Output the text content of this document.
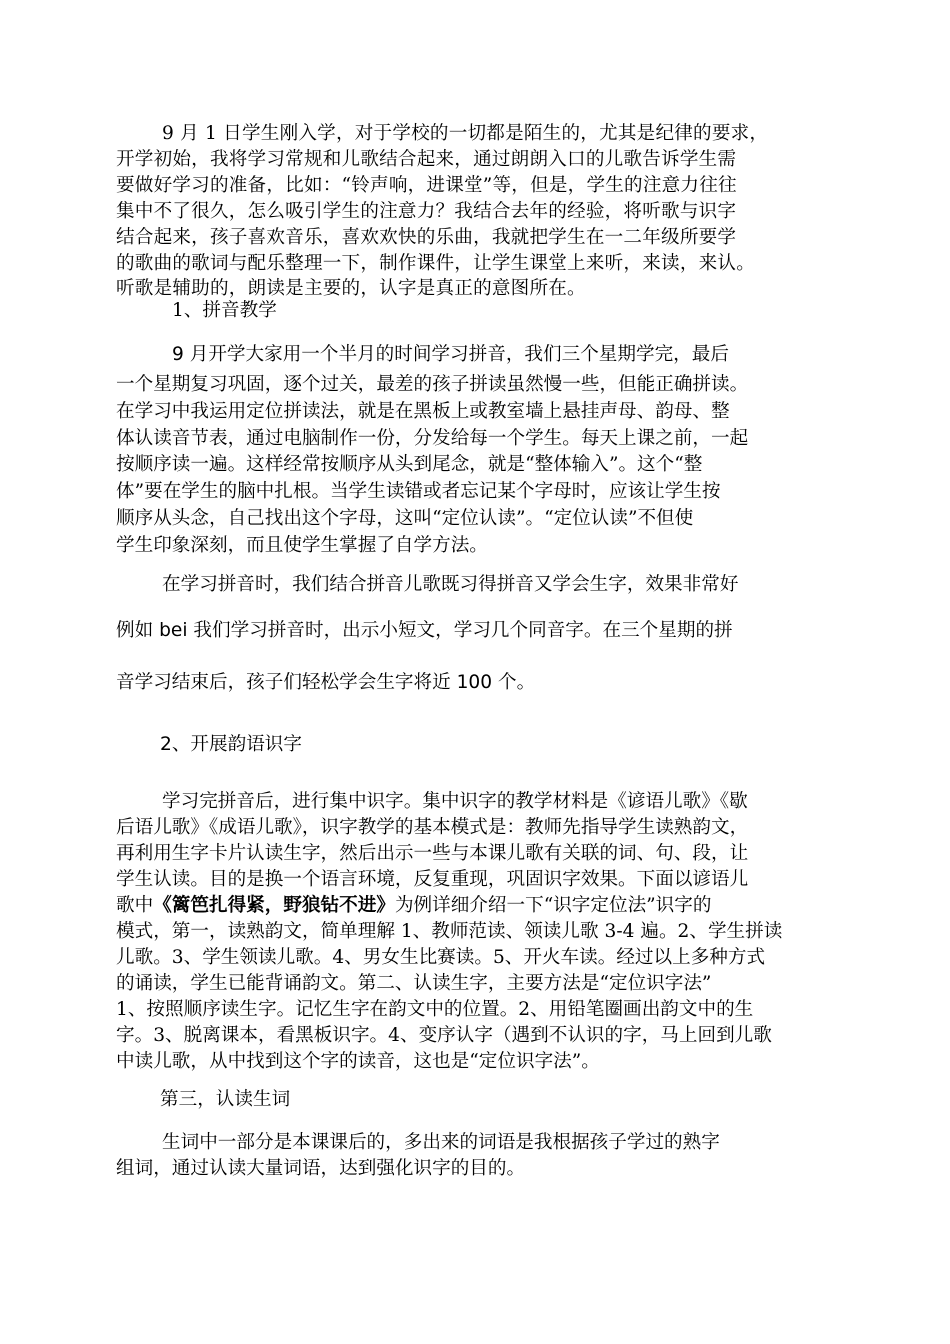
9 月 1 日学生刚入学，对于学校的一切都是陌生的，尤其是纪律的要求，
开学初始，我将学习常规和儿歌结合起来，通过朗朗入口的儿歌告诉学生需
要做好学习的准备，比如：“铃声响，进课堂”等，但是，学生的注意力往往
集中不了很久，怎么吸引学生的注意力？我结合去年的经验，将听歌与识字
结合起来，孩子喜欢音乐，喜欢欢快的乐曲，我就把学生在一二年级所要学
的歌曲的歌词与配乐整理一下，制作课件，让学生课堂上来听，来读，来认。
听歌是辅助的，朗读是主要的，认字是真正的意图所在。

1、拼音教学

9 月开学大家用一个半月的时间学习拼音，我们三个星期学完，最后

一个星期复习巩固，逐个过关，最差的孩子拼读虽然慢一些，但能正确拼读。
在学习中我运用定位拼读法，就是在黑板上或教室墙上悬挂声母、韵母、整
体认读音节表，通过电脑制作一份，分发给每一个学生。每天上课之前，一起
按顺序读一遍。这样经常按顺序从头到尾念，就是“整体输入”。这个“整
体”要在学生的脑中扎根。当学生读错或者忘记某个字母时，应该让学生按
顺序从头念，自己找出这个字母，这叫“定位认读”。“定位认读”不但使
学生印象深刻，而且使学生掌握了自学方法。
在学习拼音时，我们结合拼音儿歌既习得拼音又学会生字，效果非常好
例如 bei 我们学习拼音时，出示小短文，学习几个同音字。在三个星期的拼
音学习结束后，孩子们轻松学会生字将近 100 个。

2、开展韵语识字

学习完拼音后，进行集中识字。集中识字的教学材料是《谚语儿歌》《歇
后语儿歌》《成语儿歌》，识字教学的基本模式是：教师先指导学生读熟韵文，
再利用生字卡片认读生字，然后出示一些与本课儿歌有关联的词、句、段，让
学生认读。目的是换一个语言环境，反复重现，巩固识字效果。下面以谚语儿
歌中《篱笆扎得紧，野狼钻不进》为例详细介绍一下“识字定位法”识字的
模式，第一，读熟韵文，简单理解 1、教师范读、领读儿歌 3-4 遍。2、学生拼读
儿歌。3、学生领读儿歌。4、男女生比赛读。5、开火车读。经过以上多种方式
的诵读，学生已能背诵韵文。第二、认读生字，主要方法是“定位识字法”
1、按照顺序读生字。记忆生字在韵文中的位置。2、用铅笔圈画出韵文中的生
字。3、脱离课本，看黑板识字。4、变序认字（遇到不认识的字，马上回到儿歌
中读儿歌，从中找到这个字的读音，这也是“定位识字法”。

第三，认读生词

生词中一部分是本课课后的，多出来的词语是我根据孩子学过的熟字
组词，通过认读大量词语，达到强化识字的目的。
